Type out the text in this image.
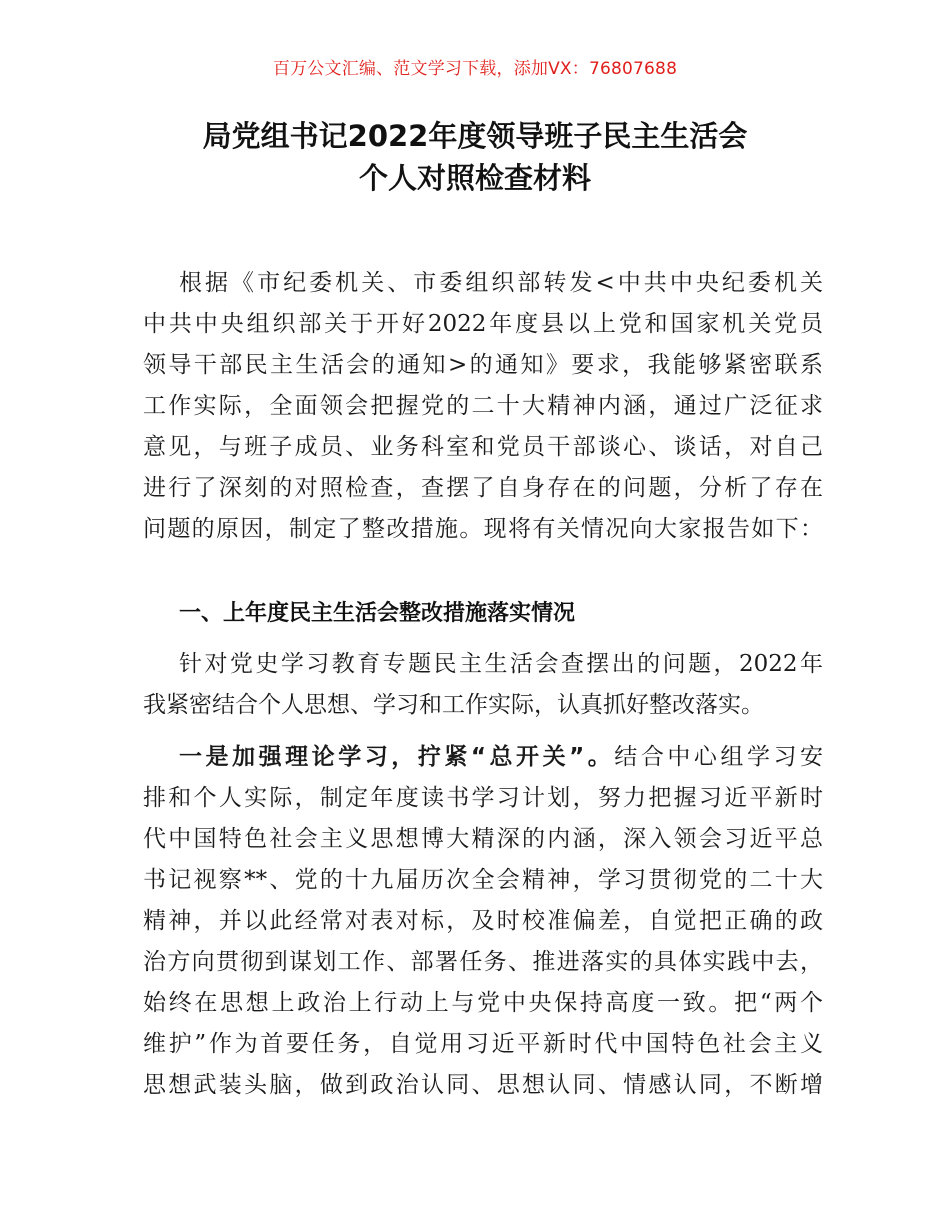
百万公文汇编、范文学习下载，添加VX：76807688
局党组书记2022年度领导班子民主生活会
个人对照检查材料
根据《市纪委机关、市委组织部转发<中共中央纪委机关
中共中央组织部关于开好2022年度县以上党和国家机关党员
领导干部民主生活会的通知>的通知》要求，我能够紧密联系
工作实际，全面领会把握党的二十大精神内涵，通过广泛征求
意见，与班子成员、业务科室和党员干部谈心、谈话，对自己
进行了深刻的对照检查，查摆了自身存在的问题，分析了存在
问题的原因，制定了整改措施。现将有关情况向大家报告如下：
一、上年度民主生活会整改措施落实情况
针对党史学习教育专题民主生活会查摆出的问题，2022年
我紧密结合个人思想、学习和工作实际，认真抓好整改落实。
一是加强理论学习，拧紧“总开关”。结合中心组学习安
排和个人实际，制定年度读书学习计划，努力把握习近平新时
代中国特色社会主义思想博大精深的内涵，深入领会习近平总
书记视察**、党的十九届历次全会精神，学习贯彻党的二十大
精神，并以此经常对表对标，及时校准偏差，自觉把正确的政
治方向贯彻到谋划工作、部署任务、推进落实的具体实践中去，
始终在思想上政治上行动上与党中央保持高度一致。把“两个
维护”作为首要任务，自觉用习近平新时代中国特色社会主义
思想武装头脑，做到政治认同、思想认同、情感认同，不断增
